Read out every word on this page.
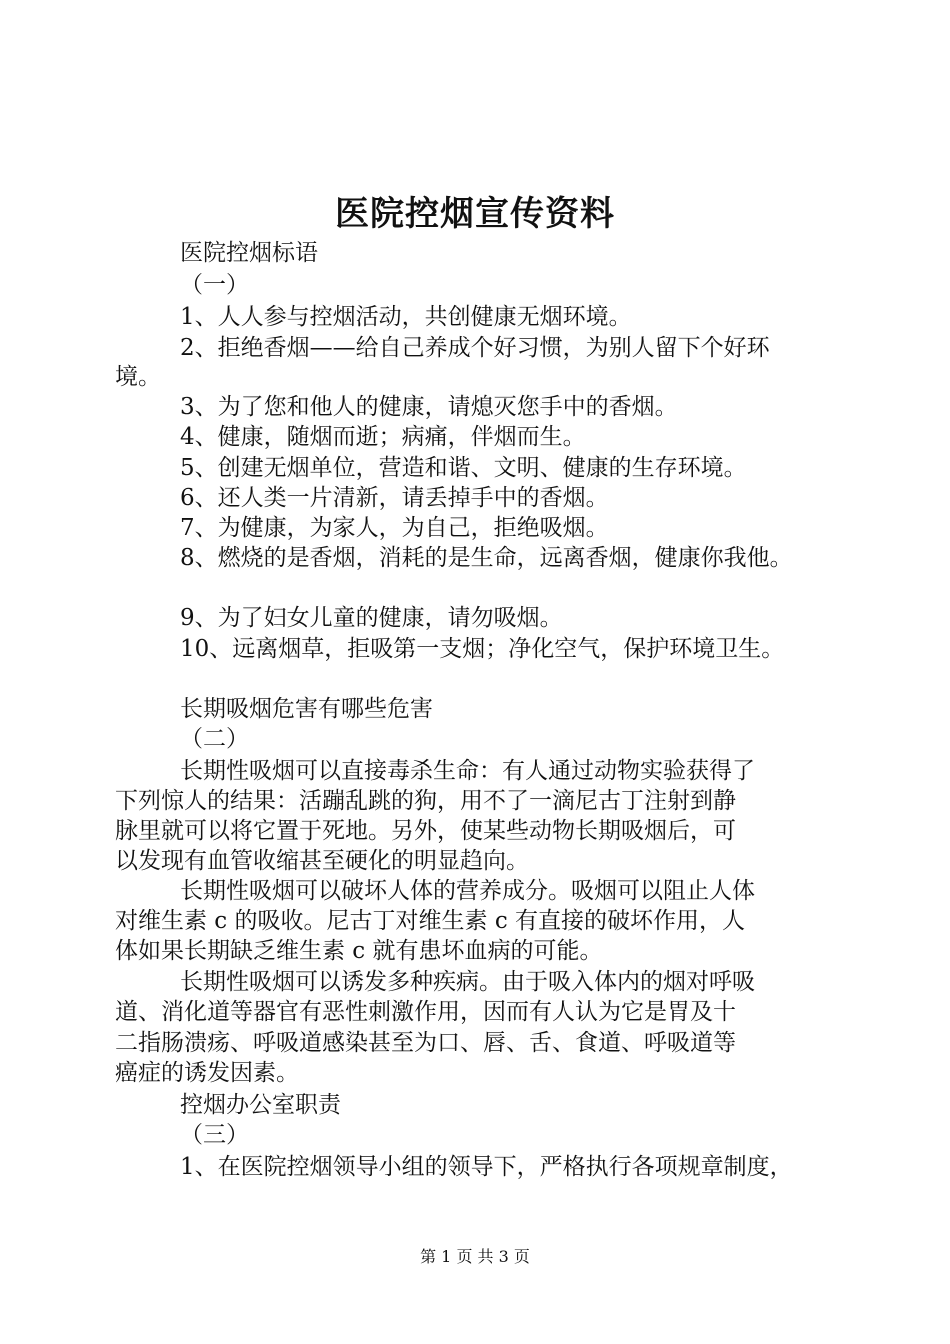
医院控烟宣传资料
医院控烟标语
（一）
1、人人参与控烟活动，共创健康无烟环境。
2、拒绝香烟——给自己养成个好习惯，为别人留下个好环
境。
3、为了您和他人的健康，请熄灭您手中的香烟。
4、健康，随烟而逝；病痛，伴烟而生。
5、创建无烟单位，营造和谐、文明、健康的生存环境。
6、还人类一片清新，请丢掉手中的香烟。
7、为健康，为家人，为自己，拒绝吸烟。
8、燃烧的是香烟，消耗的是生命，远离香烟，健康你我他。
9、为了妇女儿童的健康，请勿吸烟。
10、远离烟草，拒吸第一支烟；净化空气，保护环境卫生。
长期吸烟危害有哪些危害
（二）
长期性吸烟可以直接毒杀生命：有人通过动物实验获得了
下列惊人的结果：活蹦乱跳的狗，用不了一滴尼古丁注射到静
脉里就可以将它置于死地。另外，使某些动物长期吸烟后，可
以发现有血管收缩甚至硬化的明显趋向。
长期性吸烟可以破坏人体的营养成分。吸烟可以阻止人体
对维生素 c 的吸收。尼古丁对维生素 c 有直接的破坏作用，人
体如果长期缺乏维生素 c 就有患坏血病的可能。
长期性吸烟可以诱发多种疾病。由于吸入体内的烟对呼吸
道、消化道等器官有恶性刺激作用，因而有人认为它是胃及十
二指肠溃疡、呼吸道感染甚至为口、唇、舌、食道、呼吸道等
癌症的诱发因素。
控烟办公室职责
（三）
1、在医院控烟领导小组的领导下，严格执行各项规章制度，
第 1 页 共 3 页
